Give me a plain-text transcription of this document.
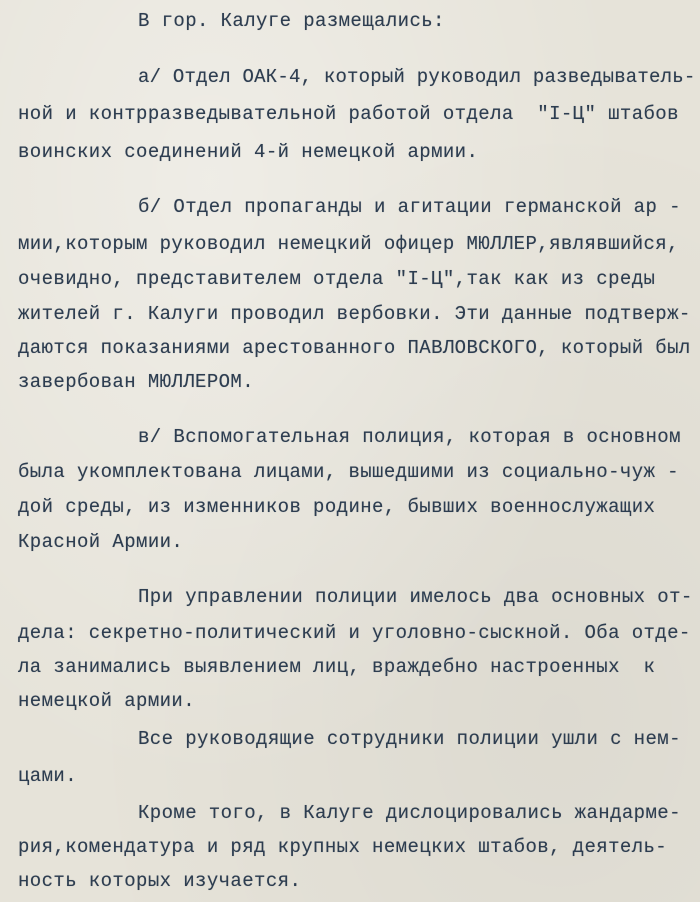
В гор. Калуге размещались:
а/ Отдел ОАК-4, который руководил разведыватель-
ной и контрразведывательной работой отдела  "I-Ц" штабов
воинских соединений 4-й немецкой армии.
б/ Отдел пропаганды и агитации германской ар -
мии,которым руководил немецкий офицер МЮЛЛЕР,являвшийся,
очевидно, представителем отдела "I-Ц",так как из среды
жителей г. Калуги проводил вербовки. Эти данные подтверж-
даются показаниями арестованного ПАВЛОВСКОГО, который был
завербован МЮЛЛЕРОМ.
в/ Вспомогательная полиция, которая в основном
была укомплектована лицами, вышедшими из социально-чуж -
дой среды, из изменников родине, бывших военнослужащих
Красной Армии.
При управлении полиции имелось два основных от-
дела: секретно-политический и уголовно-сыскной. Оба отде-
ла занимались выявлением лиц, враждебно настроенных  к
немецкой армии.
Все руководящие сотрудники полиции ушли с нем-
цами.
Кроме того, в Калуге дислоцировались жандарме-
рия,комендатура и ряд крупных немецких штабов, деятель-
ность которых изучается.
